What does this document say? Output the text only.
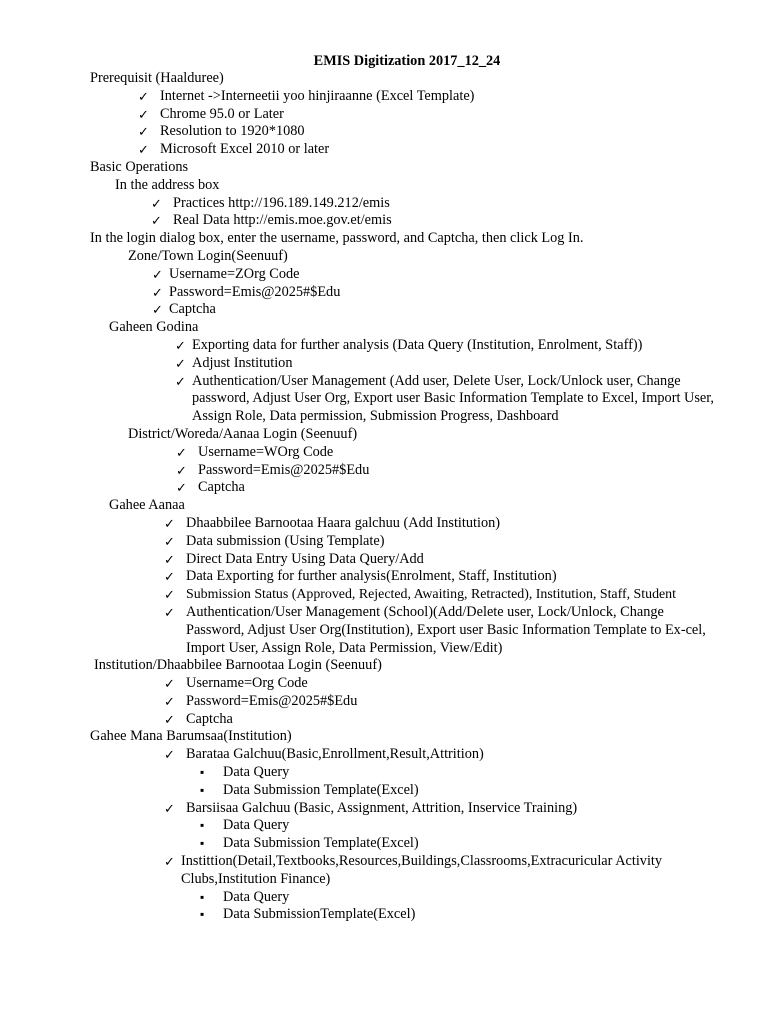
EMIS Digitization 2017_12_24
Prerequisit (Haalduree)
✓ Internet ->Interneetii yoo hinjiraanne (Excel Template)
✓ Chrome 95.0 or Later
✓ Resolution to 1920*1080
✓ Microsoft Excel 2010 or later
Basic Operations
In the address box
✓ Practices http://196.189.149.212/emis
✓ Real Data http://emis.moe.gov.et/emis
In the login dialog box, enter the username, password, and Captcha, then click Log In.
Zone/Town Login(Seenuuf)
✓ Username=ZOrg Code
✓ Password=Emis@2025#$Edu
✓ Captcha
Gaheen Godina
✓ Exporting data for further analysis (Data Query (Institution, Enrolment, Staff))
✓ Adjust Institution
✓ Authentication/User Management (Add user, Delete User, Lock/Unlock user, Change password, Adjust User Org, Export user Basic Information Template to Excel, Import User, Assign Role, Data permission, Submission Progress, Dashboard
District/Woreda/Aanaa Login (Seenuuf)
✓ Username=WOrg Code
✓ Password=Emis@2025#$Edu
✓ Captcha
Gahee Aanaa
✓ Dhaabbilee Barnootaa Haara galchuu (Add Institution)
✓ Data submission (Using Template)
✓ Direct Data Entry Using Data Query/Add
✓ Data Exporting for further analysis(Enrolment, Staff, Institution)
✓ Submission Status (Approved, Rejected, Awaiting, Retracted), Institution, Staff, Student
✓ Authentication/User Management (School)(Add/Delete user, Lock/Unlock, Change Password, Adjust User Org(Institution), Export user Basic Information Template to Ex-cel, Import User, Assign Role, Data Permission, View/Edit)
Institution/Dhaabbilee Barnootaa Login (Seenuuf)
✓ Username=Org Code
✓ Password=Emis@2025#$Edu
✓ Captcha
Gahee Mana Barumsaa(Institution)
✓ Barataa Galchuu(Basic,Enrollment,Result,Attrition)
▪ Data Query
▪ Data Submission Template(Excel)
✓ Barsiisaa Galchuu (Basic, Assignment, Attrition, Inservice Training)
▪ Data Query
▪ Data Submission Template(Excel)
✓ Instittion(Detail,Textbooks,Resources,Buildings,Classrooms,Extracuricular Activity Clubs,Institution Finance)
▪ Data Query
▪ Data SubmissionTemplate(Excel)
